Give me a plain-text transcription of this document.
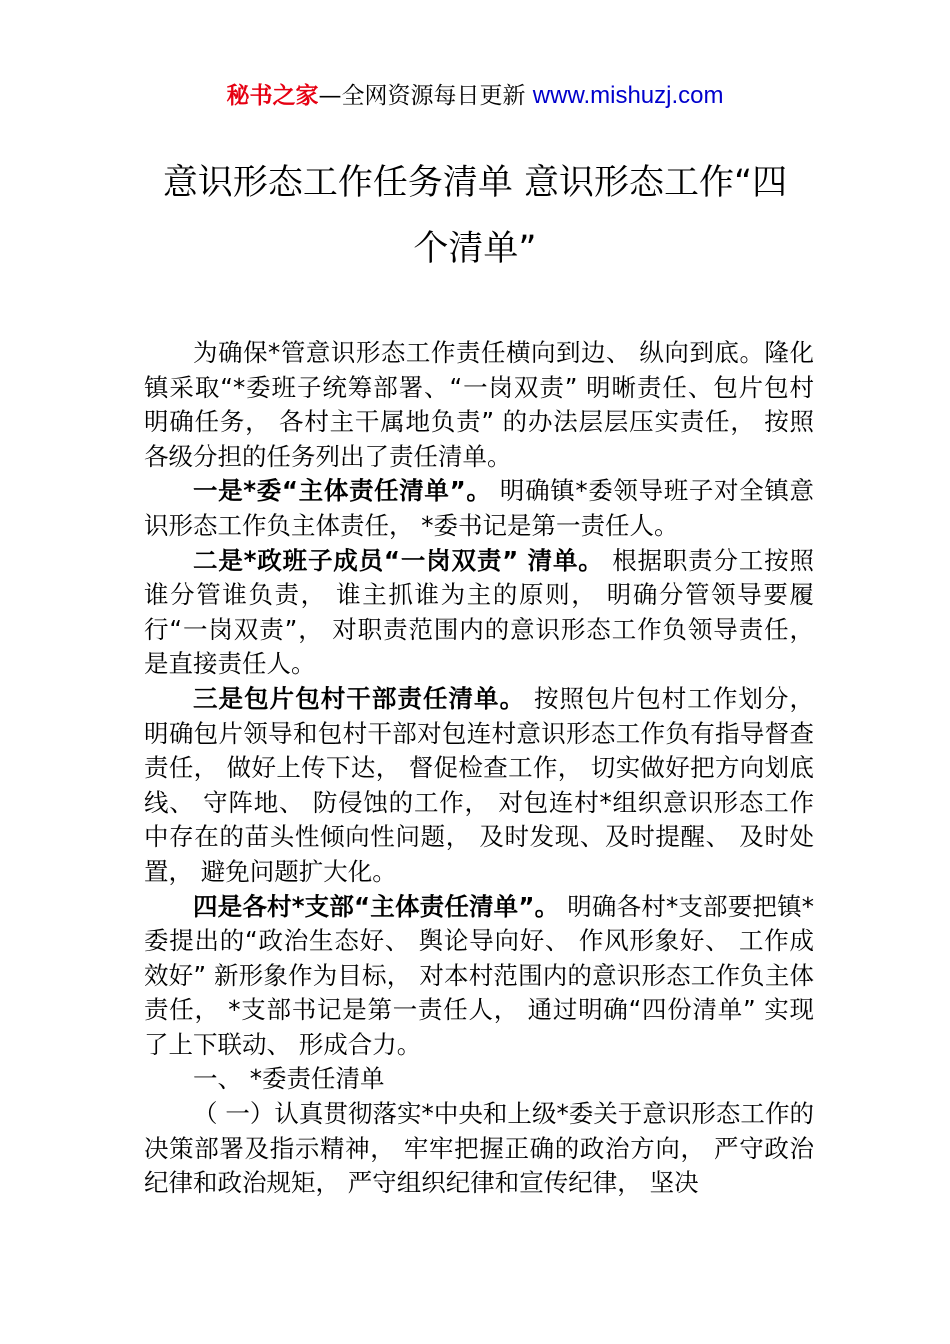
秘书之家—全网资源每日更新 www.mishuzj.com
意识形态工作任务清单 意识形态工作“四
个清单”

为确保*管意识形态工作责任横向到边、 纵向到底。隆化镇采取“*委班子统筹部署、“一岗双责” 明晰责任、包片包村明确任务， 各村主干属地负责” 的办法层层压实责任， 按照各级分担的任务列出了责任清单。

一是*委“主体责任清单”。 明确镇*委领导班子对全镇意识形态工作负主体责任， *委书记是第一责任人。

二是*政班子成员“一岗双责” 清单。 根据职责分工按照谁分管谁负责， 谁主抓谁为主的原则， 明确分管领导要履行“一岗双责”， 对职责范围内的意识形态工作负领导责任， 是直接责任人。

三是包片包村干部责任清单。 按照包片包村工作划分， 明确包片领导和包村干部对包连村意识形态工作负有指导督查责任， 做好上传下达， 督促检查工作， 切实做好把方向划底线、 守阵地、 防侵蚀的工作， 对包连村*组织意识形态工作中存在的苗头性倾向性问题， 及时发现、及时提醒、 及时处置， 避免问题扩大化。

四是各村*支部“主体责任清单”。 明确各村*支部要把镇*委提出的“政治生态好、 舆论导向好、 作风形象好、 工作成效好” 新形象作为目标， 对本村范围内的意识形态工作负主体责任， *支部书记是第一责任人， 通过明确“四份清单” 实现了上下联动、 形成合力。

一、 *委责任清单

（ 一）认真贯彻落实*中央和上级*委关于意识形态工作的决策部署及指示精神， 牢牢把握正确的政治方向， 严守政治纪律和政治规矩， 严守组织纪律和宣传纪律， 坚决
